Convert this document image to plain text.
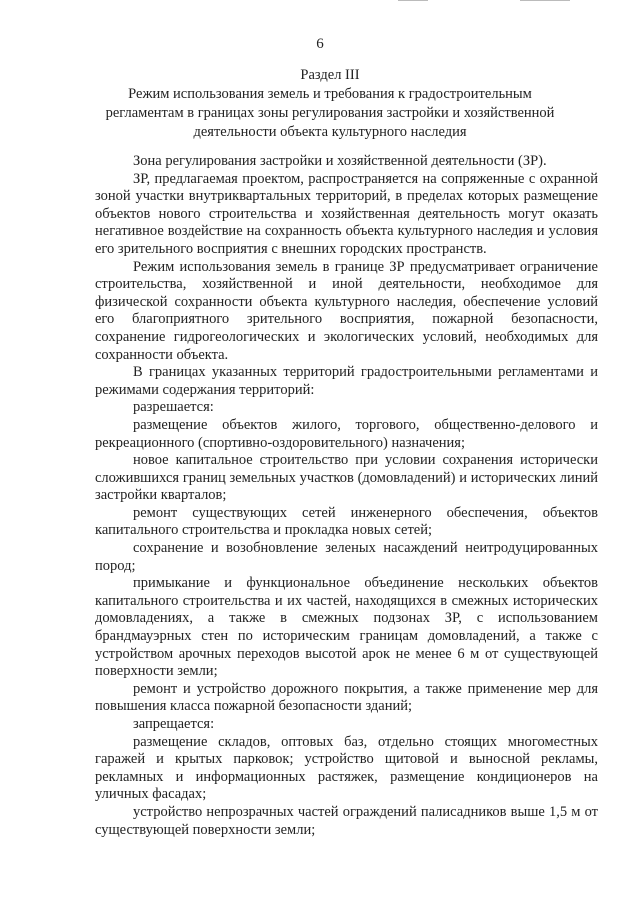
6
Раздел III
Режим использования земель и требования к градостроительным регламентам в границах зоны регулирования застройки и хозяйственной деятельности объекта культурного наследия

Зона регулирования застройки и хозяйственной деятельности (ЗР).

ЗР, предлагаемая проектом, распространяется на сопряженные с охранной зоной участки внутриквартальных территорий, в пределах которых размещение объектов нового строительства и хозяйственная деятельность могут оказать негативное воздействие на сохранность объекта культурного наследия и условия его зрительного восприятия с внешних городских пространств.

Режим использования земель в границе ЗР предусматривает ограничение строительства, хозяйственной и иной деятельности, необходимое для физической сохранности объекта культурного наследия, обеспечение условий его благоприятного зрительного восприятия, пожарной безопасности, сохранение гидрогеологических и экологических условий, необходимых для сохранности объекта.

В границах указанных территорий градостроительными регламентами и режимами содержания территорий:

разрешается:

размещение объектов жилого, торгового, общественно-делового и рекреационного (спортивно-оздоровительного) назначения;

новое капитальное строительство при условии сохранения исторически сложившихся границ земельных участков (домовладений) и исторических линий застройки кварталов;

ремонт существующих сетей инженерного обеспечения, объектов капитального строительства и прокладка новых сетей;

сохранение и возобновление зеленых насаждений неитродуцированных пород;

примыкание и функциональное объединение нескольких объектов капитального строительства и их частей, находящихся в смежных исторических домовладениях, а также в смежных подзонах ЗР, с использованием брандмауэрных стен по историческим границам домовладений, а также с устройством арочных переходов высотой арок не менее 6 м от существующей поверхности земли;

ремонт и устройство дорожного покрытия, а также применение мер для повышения класса пожарной безопасности зданий;

запрещается:

размещение складов, оптовых баз, отдельно стоящих многоместных гаражей и крытых парковок; устройство щитовой и выносной рекламы, рекламных и информационных растяжек, размещение кондиционеров на уличных фасадах;

устройство непрозрачных частей ограждений палисадников выше 1,5 м от существующей поверхности земли;
